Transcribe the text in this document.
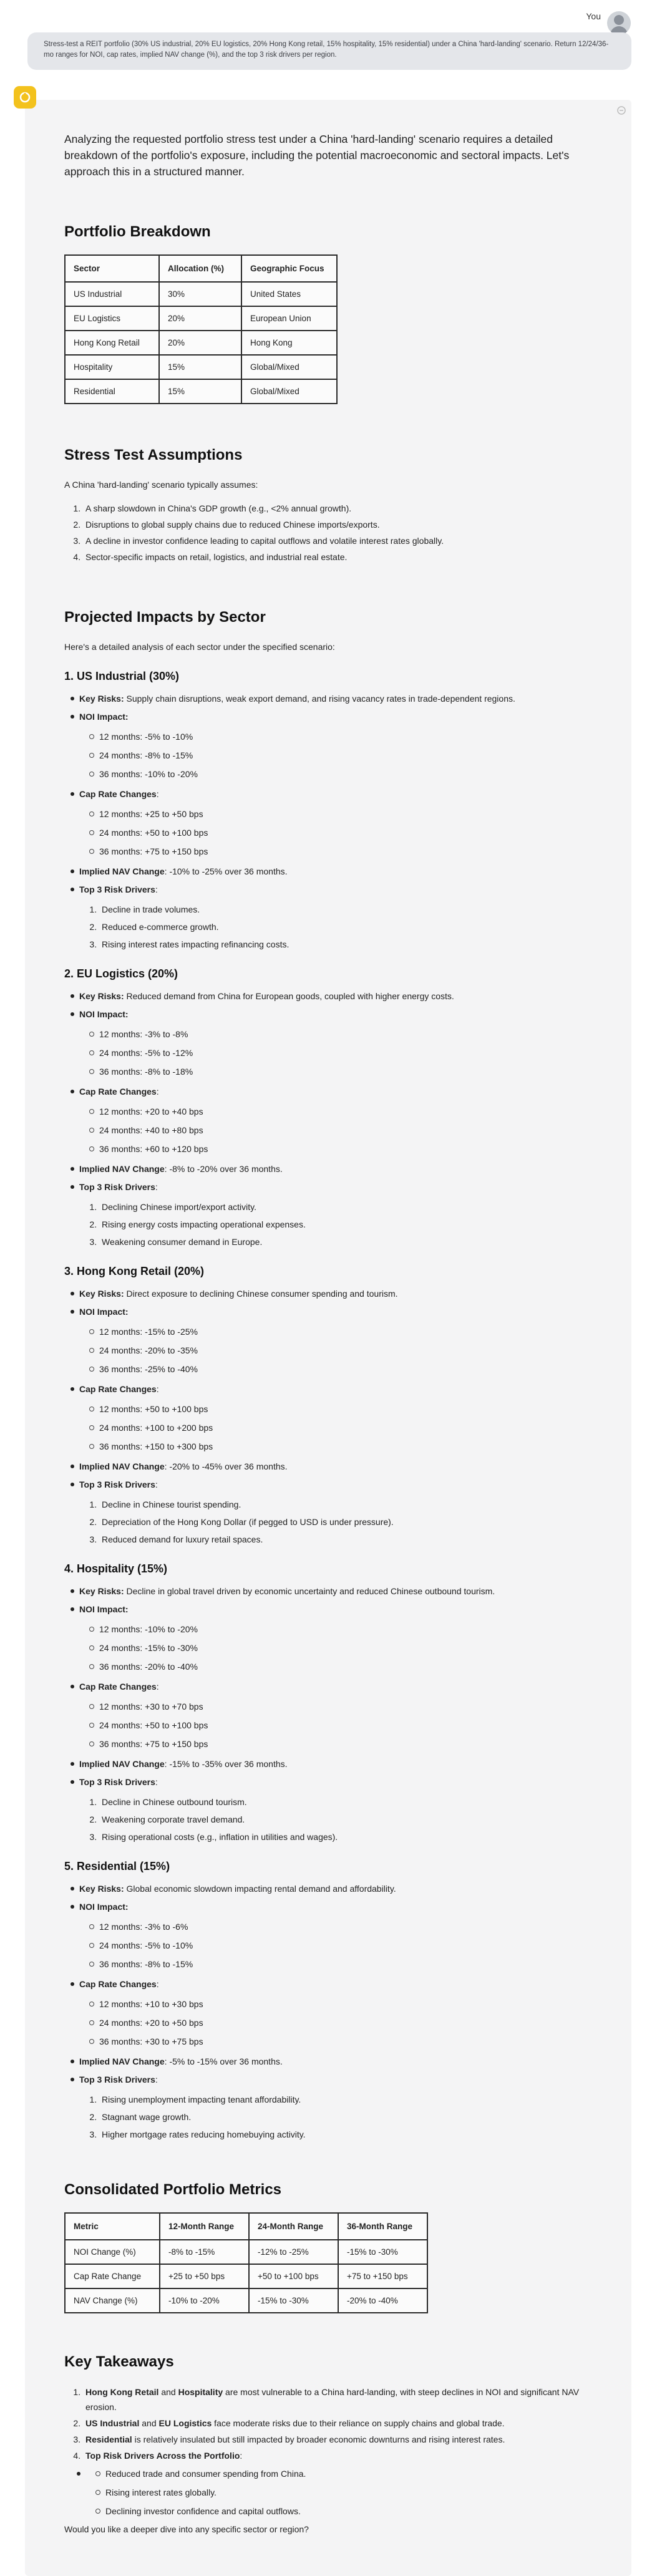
You
Stress-test a REIT portfolio (30% US industrial, 20% EU logistics, 20% Hong Kong retail, 15% hospitality, 15% residential) under a China 'hard-landing' scenario. Return 12/24/36-mo ranges for NOI, cap rates, implied NAV change (%), and the top 3 risk drivers per region.

Analyzing the requested portfolio stress test under a China 'hard-landing' scenario requires a detailed breakdown of the portfolio's exposure, including the potential macroeconomic and sectoral impacts. Let's approach this in a structured manner.

Portfolio Breakdown
Sector	Allocation (%)	Geographic Focus
US Industrial	30%	United States
EU Logistics	20%	European Union
Hong Kong Retail	20%	Hong Kong
Hospitality	15%	Global/Mixed
Residential	15%	Global/Mixed
Stress Test Assumptions

A China 'hard-landing' scenario typically assumes:

1. A sharp slowdown in China's GDP growth (e.g., <2% annual growth).
2. Disruptions to global supply chains due to reduced Chinese imports/exports.
3. A decline in investor confidence leading to capital outflows and volatile interest rates globally.
4. Sector-specific impacts on retail, logistics, and industrial real estate.
Projected Impacts by Sector

Here's a detailed analysis of each sector under the specified scenario:

1. US Industrial (30%)
Key Risks: Supply chain disruptions, weak export demand, and rising vacancy rates in trade-dependent regions.
NOI Impact:
12 months: -5% to -10%
24 months: -8% to -15%
36 months: -10% to -20%
Cap Rate Changes:
12 months: +25 to +50 bps
24 months: +50 to +100 bps
36 months: +75 to +150 bps
Implied NAV Change: -10% to -25% over 36 months.
Top 3 Risk Drivers:
1. Decline in trade volumes.
2. Reduced e-commerce growth.
3. Rising interest rates impacting refinancing costs.
2. EU Logistics (20%)
Key Risks: Reduced demand from China for European goods, coupled with higher energy costs.
NOI Impact:
12 months: -3% to -8%
24 months: -5% to -12%
36 months: -8% to -18%
Cap Rate Changes:
12 months: +20 to +40 bps
24 months: +40 to +80 bps
36 months: +60 to +120 bps
Implied NAV Change: -8% to -20% over 36 months.
Top 3 Risk Drivers:
1. Declining Chinese import/export activity.
2. Rising energy costs impacting operational expenses.
3. Weakening consumer demand in Europe.
3. Hong Kong Retail (20%)
Key Risks: Direct exposure to declining Chinese consumer spending and tourism.
NOI Impact:
12 months: -15% to -25%
24 months: -20% to -35%
36 months: -25% to -40%
Cap Rate Changes:
12 months: +50 to +100 bps
24 months: +100 to +200 bps
36 months: +150 to +300 bps
Implied NAV Change: -20% to -45% over 36 months.
Top 3 Risk Drivers:
1. Decline in Chinese tourist spending.
2. Depreciation of the Hong Kong Dollar (if pegged to USD is under pressure).
3. Reduced demand for luxury retail spaces.
4. Hospitality (15%)
Key Risks: Decline in global travel driven by economic uncertainty and reduced Chinese outbound tourism.
NOI Impact:
12 months: -10% to -20%
24 months: -15% to -30%
36 months: -20% to -40%
Cap Rate Changes:
12 months: +30 to +70 bps
24 months: +50 to +100 bps
36 months: +75 to +150 bps
Implied NAV Change: -15% to -35% over 36 months.
Top 3 Risk Drivers:
1. Decline in Chinese outbound tourism.
2. Weakening corporate travel demand.
3. Rising operational costs (e.g., inflation in utilities and wages).
5. Residential (15%)
Key Risks: Global economic slowdown impacting rental demand and affordability.
NOI Impact:
12 months: -3% to -6%
24 months: -5% to -10%
36 months: -8% to -15%
Cap Rate Changes:
12 months: +10 to +30 bps
24 months: +20 to +50 bps
36 months: +30 to +75 bps
Implied NAV Change: -5% to -15% over 36 months.
Top 3 Risk Drivers:
1. Rising unemployment impacting tenant affordability.
2. Stagnant wage growth.
3. Higher mortgage rates reducing homebuying activity.
Consolidated Portfolio Metrics
Metric	12-Month Range	24-Month Range	36-Month Range
NOI Change (%)	-8% to -15%	-12% to -25%	-15% to -30%
Cap Rate Change	+25 to +50 bps	+50 to +100 bps	+75 to +150 bps
NAV Change (%)	-10% to -20%	-15% to -30%	-20% to -40%
Key Takeaways
1. Hong Kong Retail and Hospitality are most vulnerable to a China hard-landing, with steep declines in NOI and significant NAV erosion.
2. US Industrial and EU Logistics face moderate risks due to their reliance on supply chains and global trade.
3. Residential is relatively insulated but still impacted by broader economic downturns and rising interest rates.
4. Top Risk Drivers Across the Portfolio:
Reduced trade and consumer spending from China.
Rising interest rates globally.
Declining investor confidence and capital outflows.

Would you like a deeper dive into any specific sector or region?
